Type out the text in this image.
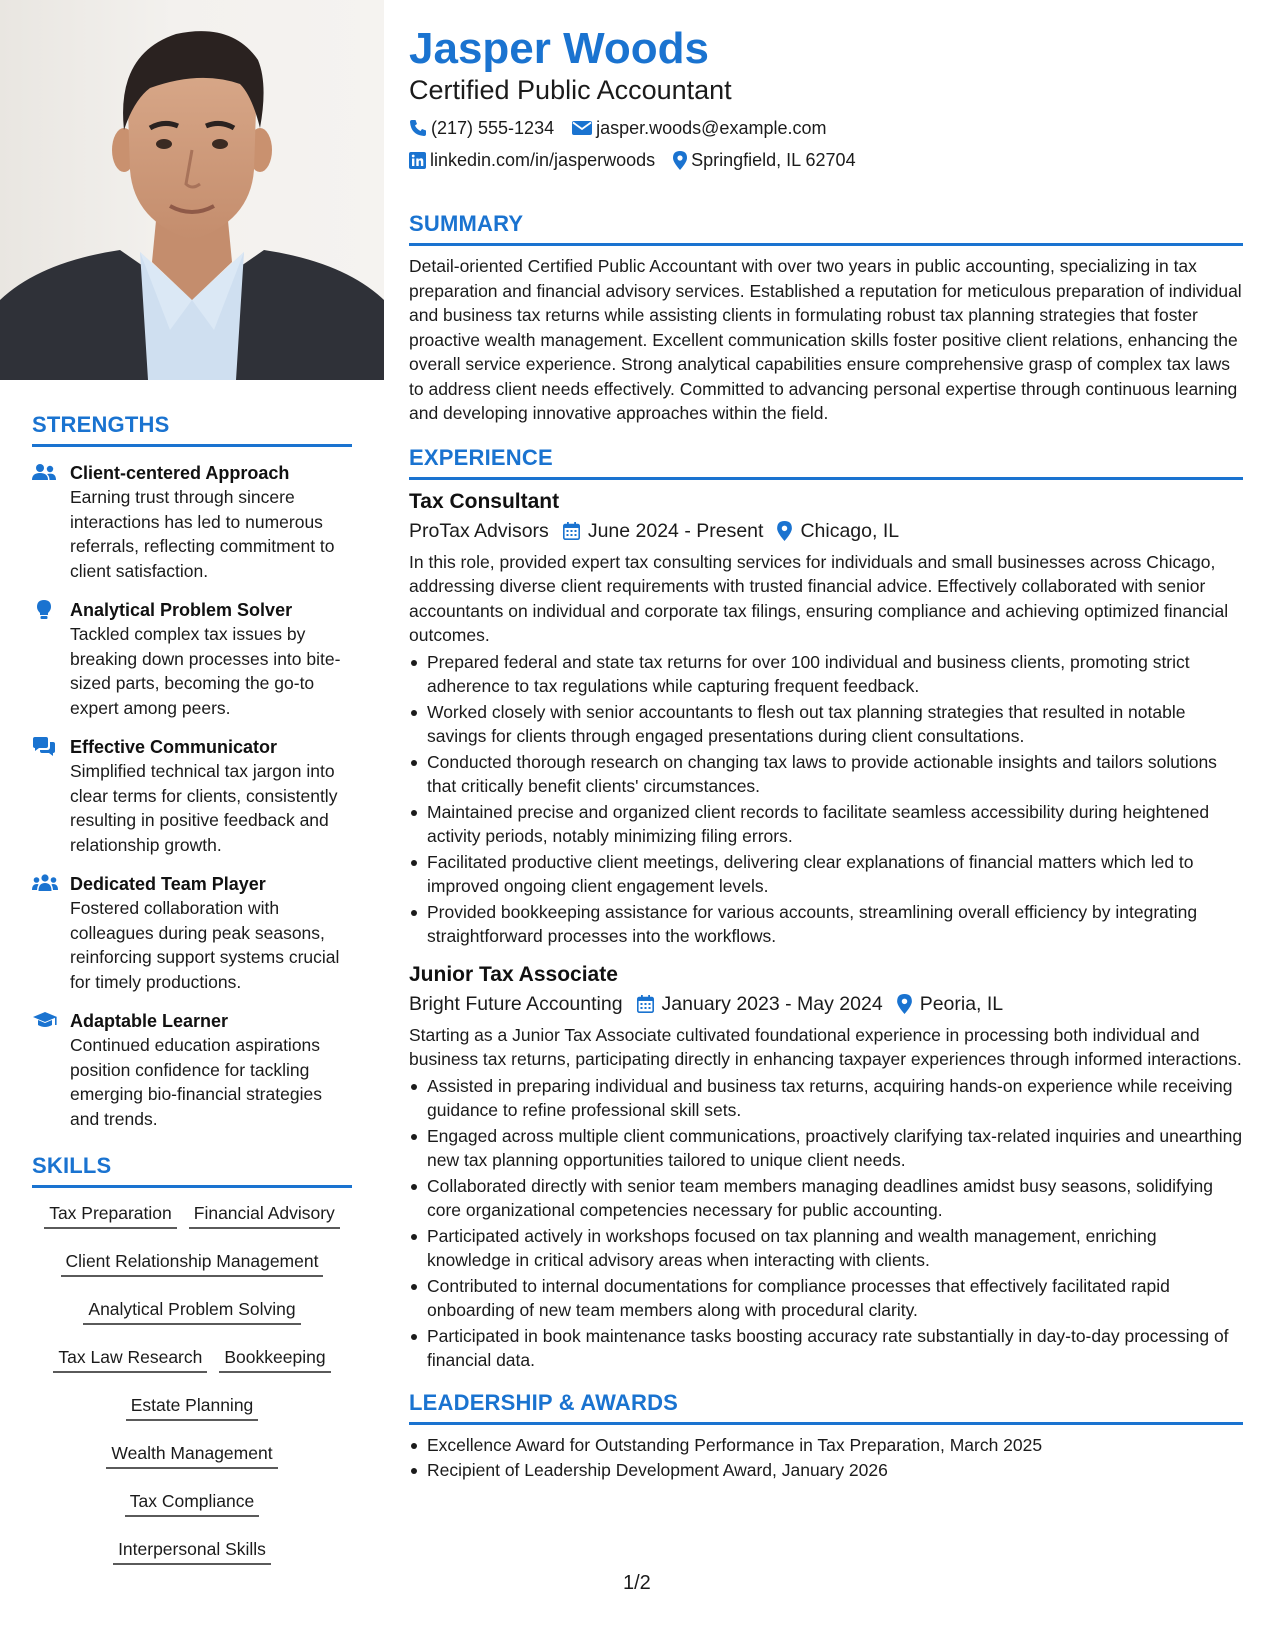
STRENGTHS
Client-centered Approach
Earning trust through sincere interactions has led to numerous referrals, reflecting commitment to client satisfaction.
Analytical Problem Solver
Tackled complex tax issues by breaking down processes into bite-sized parts, becoming the go-to expert among peers.
Effective Communicator
Simplified technical tax jargon into clear terms for clients, consistently resulting in positive feedback and relationship growth.
Dedicated Team Player
Fostered collaboration with colleagues during peak seasons, reinforcing support systems crucial for timely productions.
Adaptable Learner
Continued education aspirations position confidence for tackling emerging bio-financial strategies and trends.
SKILLS
Tax Preparation Financial Advisory
Client Relationship Management
Analytical Problem Solving
Tax Law Research Bookkeeping
Estate Planning
Wealth Management
Tax Compliance
Interpersonal Skills
Jasper Woods
Certified Public Accountant
(217) 555-1234 jasper.woods@example.com
linkedin.com/in/jasperwoods Springfield, IL 62704
SUMMARY
Detail-oriented Certified Public Accountant with over two years in public accounting, specializing in tax preparation and financial advisory services. Established a reputation for meticulous preparation of individual and business tax returns while assisting clients in formulating robust tax planning strategies that foster proactive wealth management. Excellent communication skills foster positive client relations, enhancing the overall service experience. Strong analytical capabilities ensure comprehensive grasp of complex tax laws to address client needs effectively. Committed to advancing personal expertise through continuous learning and developing innovative approaches within the field.
EXPERIENCE
Tax Consultant
ProTax Advisors June 2024 - Present Chicago, IL
In this role, provided expert tax consulting services for individuals and small businesses across Chicago, addressing diverse client requirements with trusted financial advice. Effectively collaborated with senior accountants on individual and corporate tax filings, ensuring compliance and achieving optimized financial outcomes.
Prepared federal and state tax returns for over 100 individual and business clients, promoting strict adherence to tax regulations while capturing frequent feedback.
Worked closely with senior accountants to flesh out tax planning strategies that resulted in notable savings for clients through engaged presentations during client consultations.
Conducted thorough research on changing tax laws to provide actionable insights and tailors solutions that critically benefit clients' circumstances.
Maintained precise and organized client records to facilitate seamless accessibility during heightened activity periods, notably minimizing filing errors.
Facilitated productive client meetings, delivering clear explanations of financial matters which led to improved ongoing client engagement levels.
Provided bookkeeping assistance for various accounts, streamlining overall efficiency by integrating straightforward processes into the workflows.
Junior Tax Associate
Bright Future Accounting January 2023 - May 2024 Peoria, IL
Starting as a Junior Tax Associate cultivated foundational experience in processing both individual and business tax returns, participating directly in enhancing taxpayer experiences through informed interactions.
Assisted in preparing individual and business tax returns, acquiring hands-on experience while receiving guidance to refine professional skill sets.
Engaged across multiple client communications, proactively clarifying tax-related inquiries and unearthing new tax planning opportunities tailored to unique client needs.
Collaborated directly with senior team members managing deadlines amidst busy seasons, solidifying core organizational competencies necessary for public accounting.
Participated actively in workshops focused on tax planning and wealth management, enriching knowledge in critical advisory areas when interacting with clients.
Contributed to internal documentations for compliance processes that effectively facilitated rapid onboarding of new team members along with procedural clarity.
Participated in book maintenance tasks boosting accuracy rate substantially in day-to-day processing of financial data.
LEADERSHIP & AWARDS
Excellence Award for Outstanding Performance in Tax Preparation, March 2025
Recipient of Leadership Development Award, January 2026
1/2
